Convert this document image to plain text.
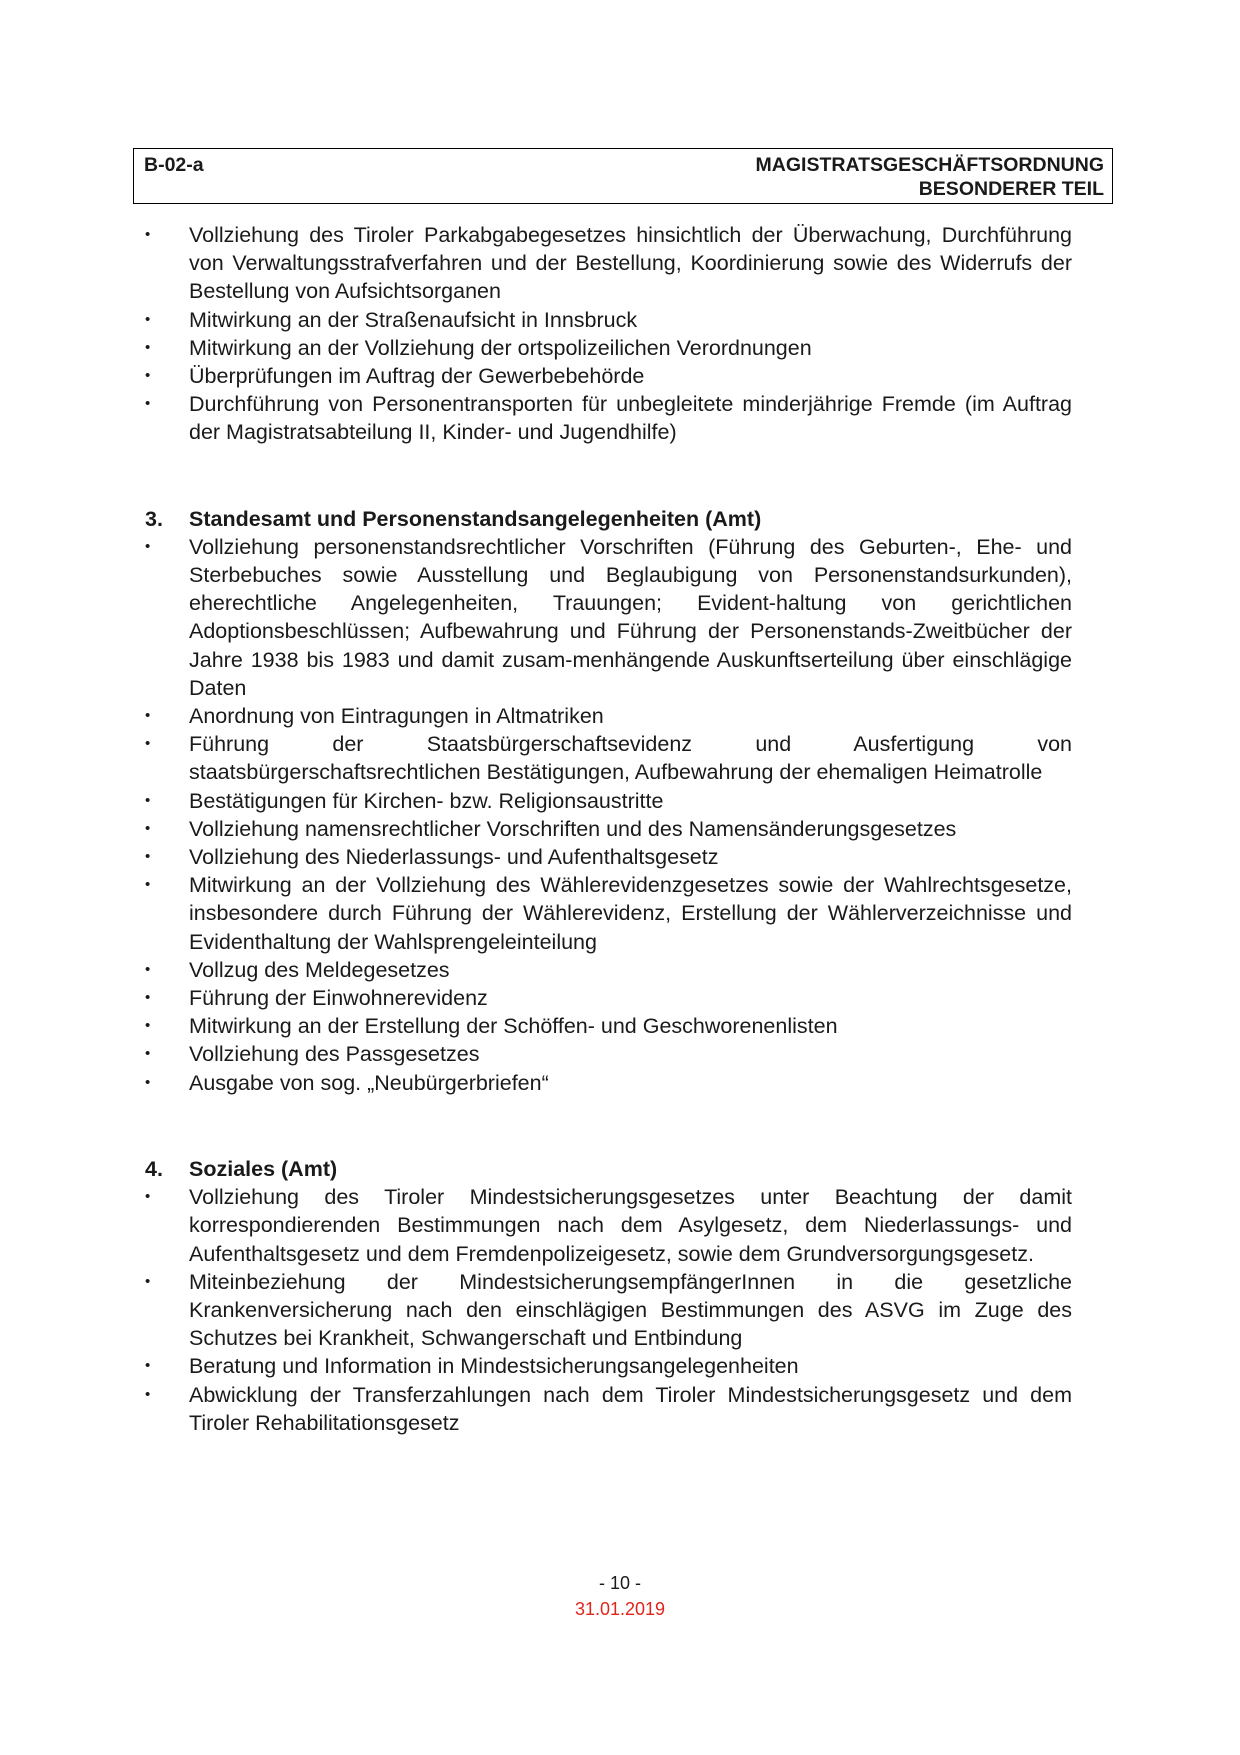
B-02-a	MAGISTRATSGESCHÄFTSORDNUNG
BESONDERER TEIL
• Vollziehung des Tiroler Parkabgabegesetzes hinsichtlich der Überwachung, Durchführung von Verwaltungsstrafverfahren und der Bestellung, Koordinierung sowie des Widerrufs der Bestellung von Aufsichtsorganen
• Mitwirkung an der Straßenaufsicht in Innsbruck
• Mitwirkung an der Vollziehung der ortspolizeilichen Verordnungen
• Überprüfungen im Auftrag der Gewerbebehörde
• Durchführung von Personentransporten für unbegleitete minderjährige Fremde (im Auftrag der Magistratsabteilung II, Kinder- und Jugendhilfe)
3. Standesamt und Personenstandsangelegenheiten (Amt)
• Vollziehung personenstandsrechtlicher Vorschriften (Führung des Geburten-, Ehe- und Sterbebuches sowie Ausstellung und Beglaubigung von Personenstandsurkunden), eherechtliche Angelegenheiten, Trauungen; Evident-haltung von gerichtlichen Adoptionsbeschlüssen; Aufbewahrung und Führung der Personenstands-Zweitbücher der Jahre 1938 bis 1983 und damit zusam-menhängende Auskunftserteilung über einschlägige Daten
• Anordnung von Eintragungen in Altmatriken
• Führung der Staatsbürgerschaftsevidenz und Ausfertigung von staatsbürgerschaftsrechtlichen Bestätigungen, Aufbewahrung der ehemaligen Heimatrolle
• Bestätigungen für Kirchen- bzw. Religionsaustritte
• Vollziehung namensrechtlicher Vorschriften und des Namensänderungsgesetzes
• Vollziehung des Niederlassungs- und Aufenthaltsgesetz
• Mitwirkung an der Vollziehung des Wählerevidenzgesetzes sowie der Wahlrechtsgesetze, insbesondere durch Führung der Wählerevidenz, Erstellung der Wählerverzeichnisse und Evidenthaltung der Wahlsprengeleinteilung
• Vollzug des Meldegesetzes
• Führung der Einwohnerevidenz
• Mitwirkung an der Erstellung der Schöffen- und Geschworenenlisten
• Vollziehung des Passgesetzes
• Ausgabe von sog. „Neubürgerbriefen“
4. Soziales (Amt)
• Vollziehung des Tiroler Mindestsicherungsgesetzes unter Beachtung der damit korrespondierenden Bestimmungen nach dem Asylgesetz, dem Niederlassungs- und Aufenthaltsgesetz und dem Fremdenpolizeigesetz, sowie dem Grundversorgungsgesetz.
• Miteinbeziehung der MindestsicherungsempfängerInnen in die gesetzliche Krankenversicherung nach den einschlägigen Bestimmungen des ASVG im Zuge des Schutzes bei Krankheit, Schwangerschaft und Entbindung
• Beratung und Information in Mindestsicherungsangelegenheiten
• Abwicklung der Transferzahlungen nach dem Tiroler Mindestsicherungsgesetz und dem Tiroler Rehabilitationsgesetz
- 10 -
31.01.2019
